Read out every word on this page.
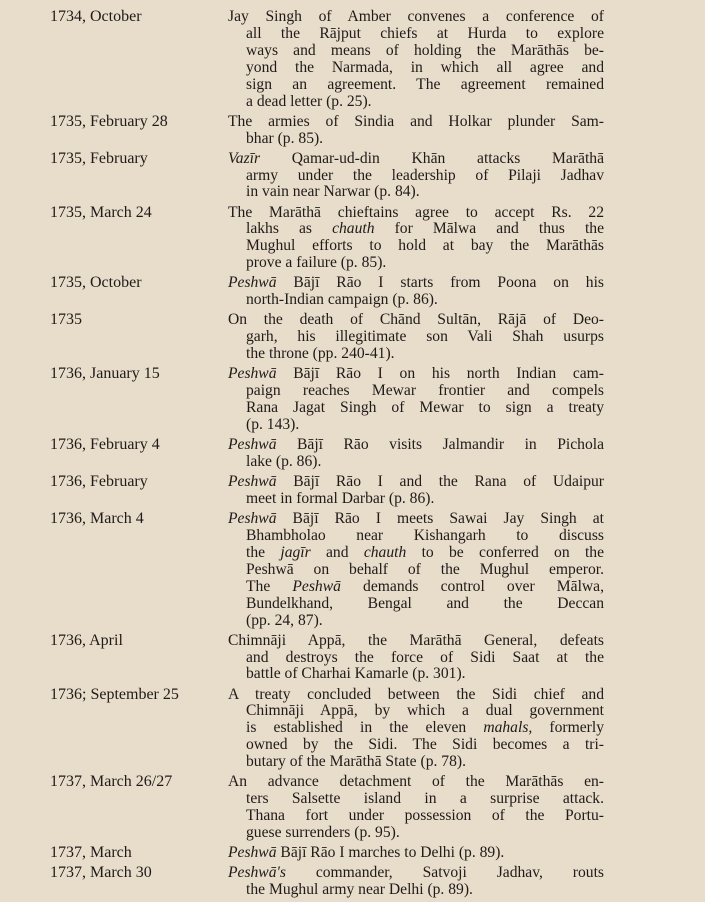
1734, October	Jay Singh of Amber convenes a conference of
all the Rājput chiefs at Hurda to explore
ways and means of holding the Marāthās be-
yond the Narmada, in which all agree and
sign an agreement. The agreement remained
a dead letter (p. 25).
1735, February 28	The armies of Sindia and Holkar plunder Sam-
bhar (p. 85).
1735, February	Vazīr Qamar-ud-din Khān attacks Marāthā
army under the leadership of Pilaji Jadhav
in vain near Narwar (p. 84).
1735, March 24	The Marāthā chieftains agree to accept Rs. 22
lakhs as chauth for Mālwa and thus the
Mughul efforts to hold at bay the Marāthās
prove a failure (p. 85).
1735, October	Peshwā Bājī Rāo I starts from Poona on his
north-Indian campaign (p. 86).
1735	On the death of Chānd Sultān, Rājā of Deo-
garh, his illegitimate son Vali Shah usurps
the throne (pp. 240-41).
1736, January 15	Peshwā Bājī Rāo I on his north Indian cam-
paign reaches Mewar frontier and compels
Rana Jagat Singh of Mewar to sign a treaty
(p. 143).
1736, February 4	Peshwā Bājī Rāo visits Jalmandir in Pichola
lake (p. 86).
1736, February	Peshwā Bājī Rāo I and the Rana of Udaipur
meet in formal Darbar (p. 86).
1736, March 4	Peshwā Bājī Rāo I meets Sawai Jay Singh at
Bhambholao near Kishangarh to discuss
the jagīr and chauth to be conferred on the
Peshwā on behalf of the Mughul emperor.
The Peshwā demands control over Mālwa,
Bundelkhand, Bengal and the Deccan
(pp. 24, 87).
1736, April	Chimnāji Appā, the Marāthā General, defeats
and destroys the force of Sidi Saat at the
battle of Charhai Kamarle (p. 301).
1736; September 25	A treaty concluded between the Sidi chief and
Chimnāji Appā, by which a dual government
is established in the eleven mahals, formerly
owned by the Sidi. The Sidi becomes a tri-
butary of the Marāthā State (p. 78).
1737, March 26/27	An advance detachment of the Marāthās en-
ters Salsette island in a surprise attack.
Thana fort under possession of the Portu-
guese surrenders (p. 95).
1737, March	Peshwā Bājī Rāo I marches to Delhi (p. 89).
1737, March 30	Peshwā's commander, Satvoji Jadhav, routs
the Mughul army near Delhi (p. 89).
